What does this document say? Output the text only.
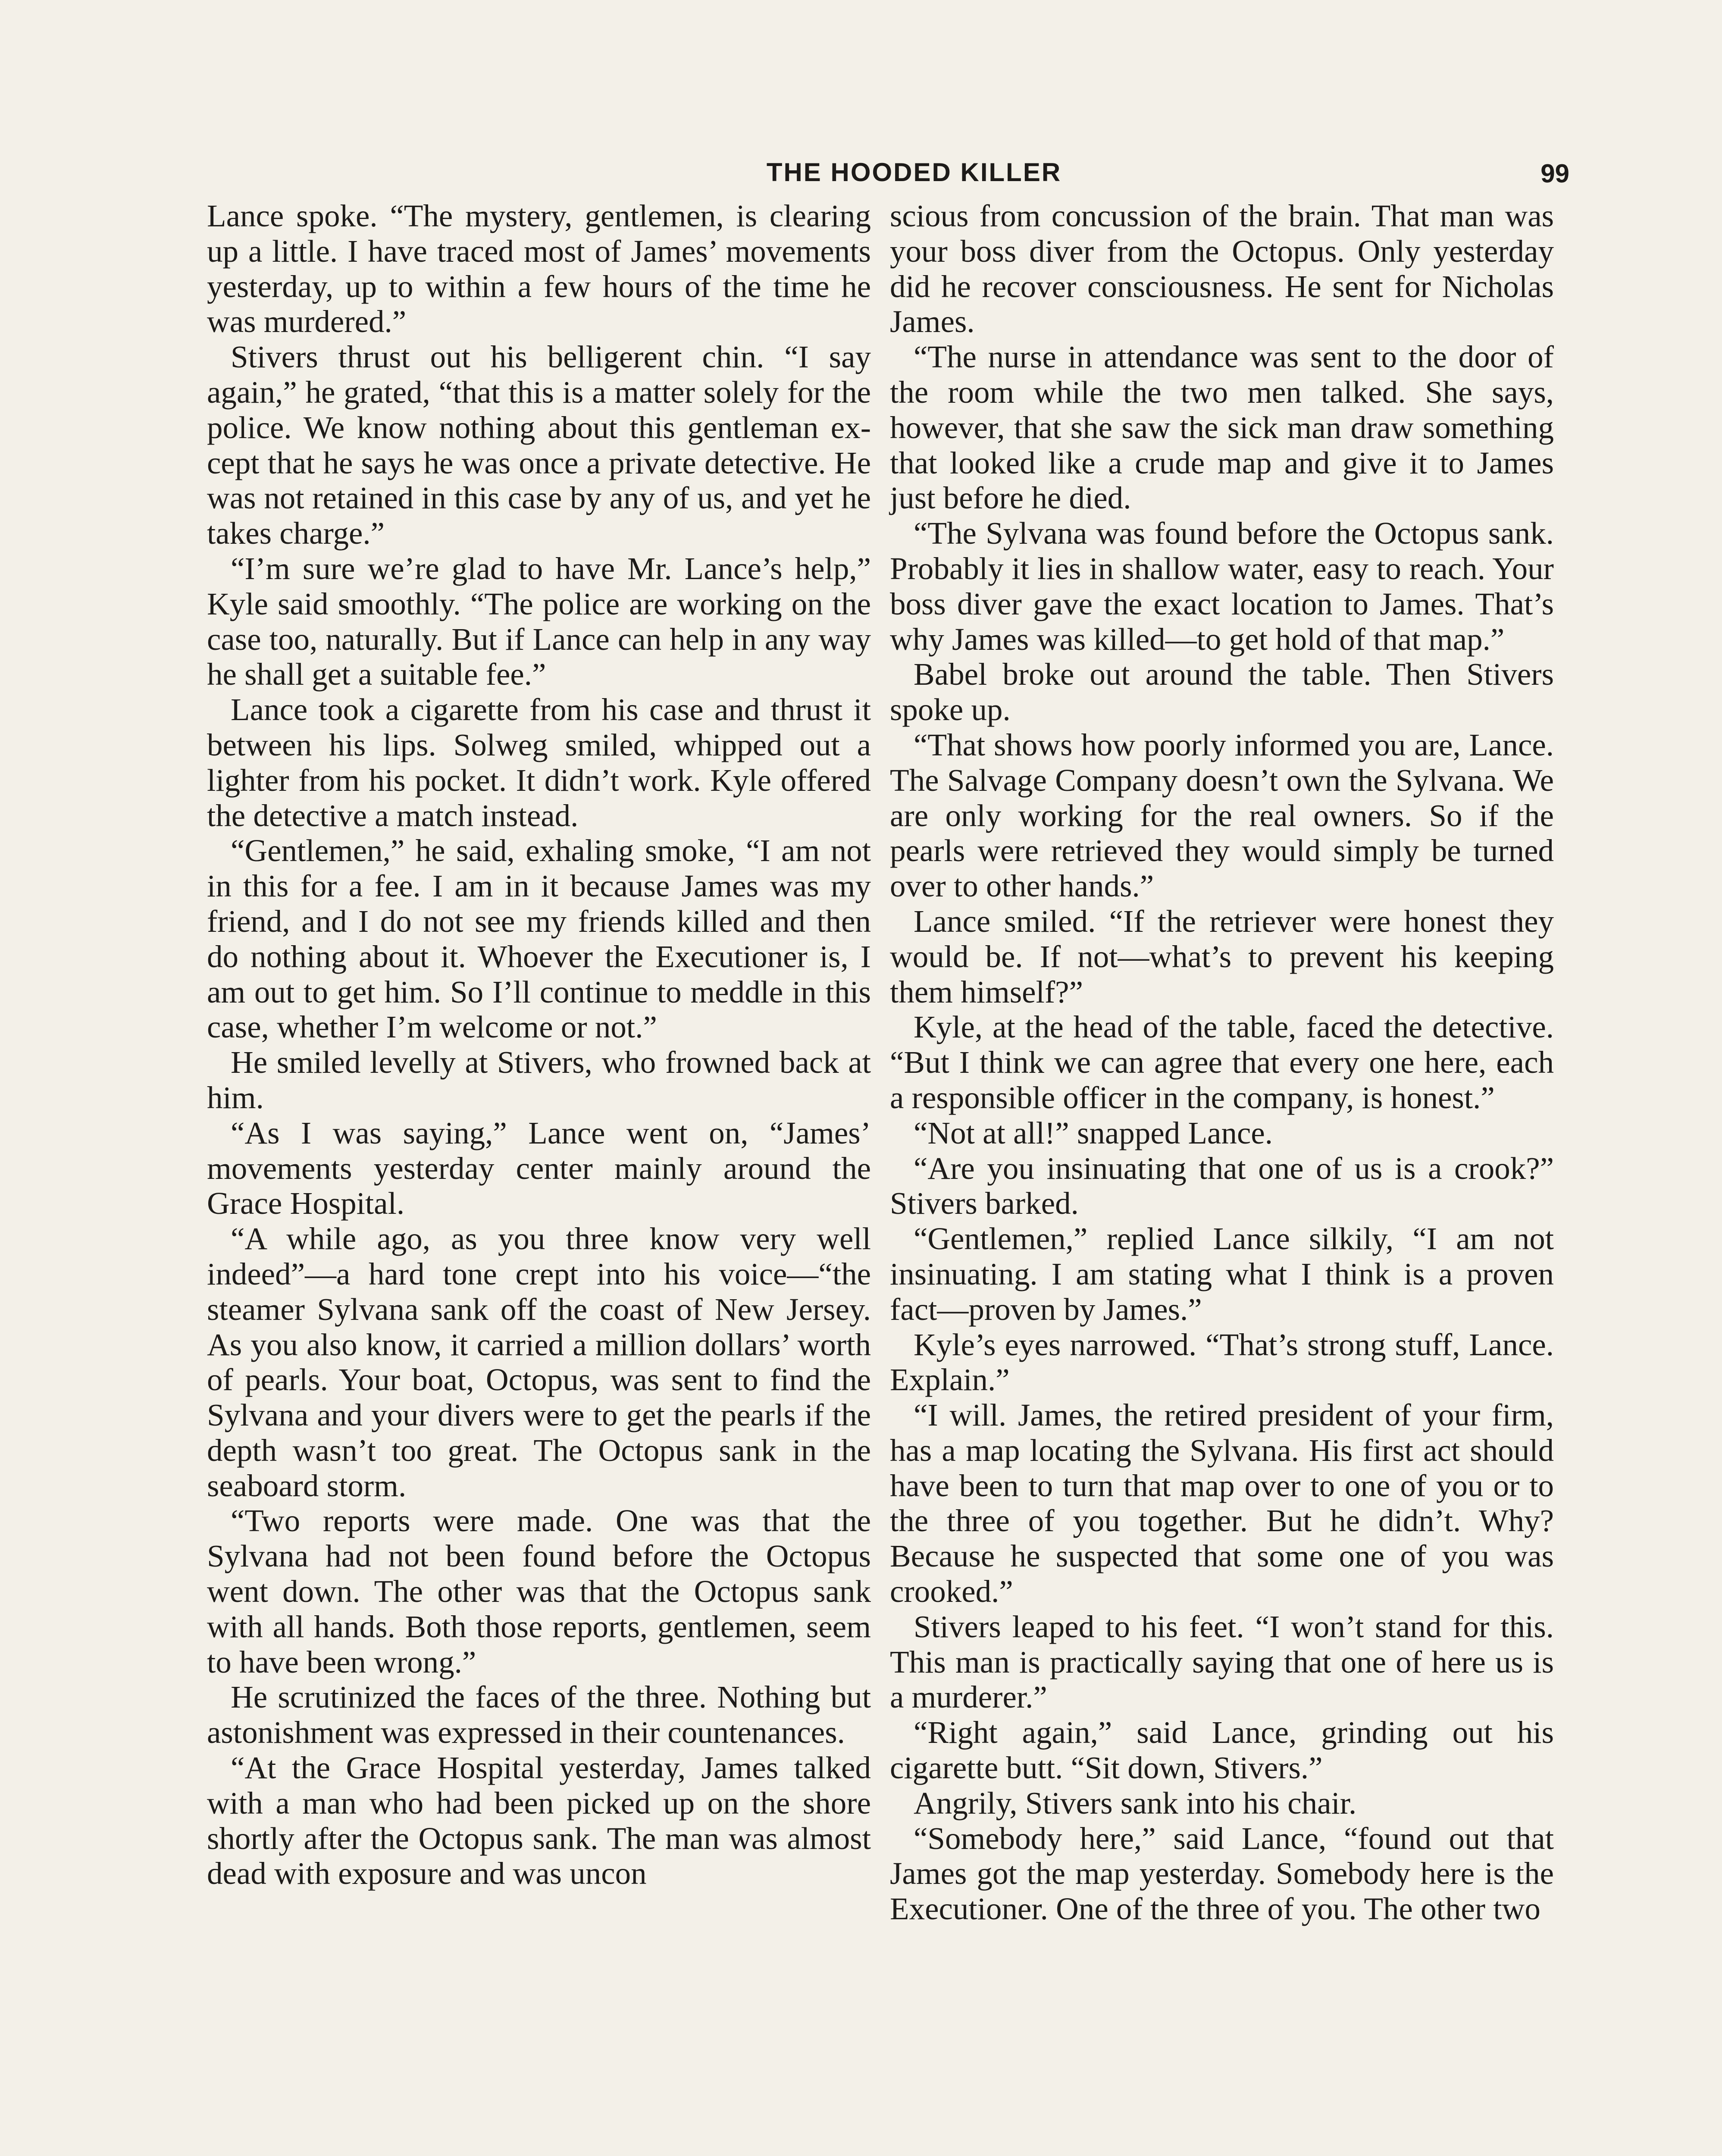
THE HOODED KILLER	99

Lance spoke. “The mystery, gentlemen, is clearing up a little. I have traced most of James’ movements yesterday, up to within a few hours of the time he was murdered.”

Stivers thrust out his belligerent chin. “I say again,” he grated, “that this is a matter solely for the police. We know nothing about this gentleman except that he says he was once a private detective. He was not retained in this case by any of us, and yet he takes charge.”

“I’m sure we’re glad to have Mr. Lance’s help,” Kyle said smoothly. “The police are working on the case too, naturally. But if Lance can help in any way he shall get a suitable fee.”

Lance took a cigarette from his case and thrust it between his lips. Solweg smiled, whipped out a lighter from his pocket. It didn’t work. Kyle offered the detective a match instead.

“Gentlemen,” he said, exhaling smoke, “I am not in this for a fee. I am in it because James was my friend, and I do not see my friends killed and then do nothing about it. Whoever the Executioner is, I am out to get him. So I’ll continue to meddle in this case, whether I’m welcome or not.”

He smiled levelly at Stivers, who frowned back at him.

“As I was saying,” Lance went on, “James’ movements yesterday center mainly around the Grace Hospital.

“A while ago, as you three know very well indeed”—a hard tone crept into his voice—“the steamer Sylvana sank off the coast of New Jersey. As you also know, it carried a million dollars’ worth of pearls. Your boat, Octopus, was sent to find the Sylvana and your divers were to get the pearls if the depth wasn’t too great. The Octopus sank in the seaboard storm.

“Two reports were made. One was that the Sylvana had not been found before the Octopus went down. The other was that the Octopus sank with all hands. Both those reports, gentlemen, seem to have been wrong.”

He scrutinized the faces of the three. Nothing but astonishment was expressed in their countenances.

“At the Grace Hospital yesterday, James talked with a man who had been picked up on the shore shortly after the Octopus sank. The man was almost dead with exposure and was uncon

scious from concussion of the brain. That man was your boss diver from the Octopus. Only yesterday did he recover consciousness. He sent for Nicholas James.

“The nurse in attendance was sent to the door of the room while the two men talked. She says, however, that she saw the sick man draw something that looked like a crude map and give it to James just before he died.

“The Sylvana was found before the Octopus sank. Probably it lies in shallow water, easy to reach. Your boss diver gave the exact location to James. That’s why James was killed—to get hold of that map.”

Babel broke out around the table. Then Stivers spoke up.

“That shows how poorly informed you are, Lance. The Salvage Company doesn’t own the Sylvana. We are only working for the real owners. So if the pearls were retrieved they would simply be turned over to other hands.”

Lance smiled. “If the retriever were honest they would be. If not—what’s to prevent his keeping them himself?”

Kyle, at the head of the table, faced the detective. “But I think we can agree that every one here, each a responsible officer in the company, is honest.”

“Not at all!” snapped Lance.

“Are you insinuating that one of us is a crook?” Stivers barked.

“Gentlemen,” replied Lance silkily, “I am not insinuating. I am stating what I think is a proven fact—proven by James.”

Kyle’s eyes narrowed. “That’s strong stuff, Lance. Explain.”

“I will. James, the retired president of your firm, has a map locating the Sylvana. His first act should have been to turn that map over to one of you or to the three of you together. But he didn’t. Why? Because he suspected that some one of you was crooked.”

Stivers leaped to his feet. “I won’t stand for this. This man is practically saying that one of here us is a murderer.”

“Right again,” said Lance, grinding out his cigarette butt. “Sit down, Stivers.”

Angrily, Stivers sank into his chair.

“Somebody here,” said Lance, “found out that James got the map yesterday. Somebody here is the Executioner. One of the three of you. The other two
